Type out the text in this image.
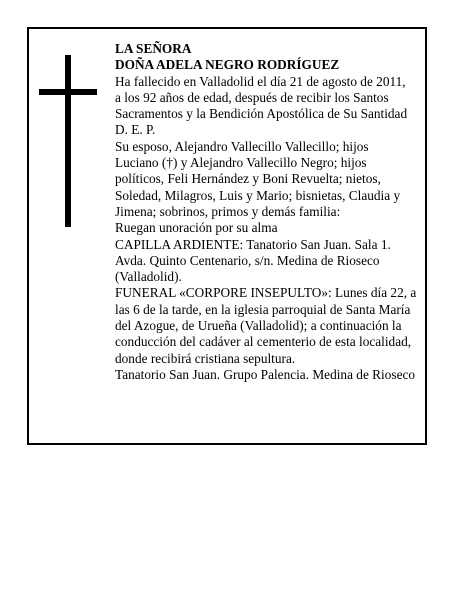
LA SEÑORA
DOÑA ADELA NEGRO RODRÍGUEZ
Ha fallecido en Valladolid el día 21 de agosto de 2011,
a los 92 años de edad, después de recibir los Santos
Sacramentos y la Bendición Apostólica de Su Santidad
D. E. P.
Su esposo, Alejandro Vallecillo Vallecillo; hijos
Luciano (†) y Alejandro Vallecillo Negro; hijos
políticos, Feli Hernández y Boni Revuelta; nietos,
Soledad, Milagros, Luis y Mario; bisnietas, Claudia y
Jimena; sobrinos, primos y demás familia:
Ruegan unoración por su alma
CAPILLA ARDIENTE: Tanatorio San Juan. Sala 1.
Avda. Quinto Centenario, s/n. Medina de Rioseco
(Valladolid).
FUNERAL «CORPORE INSEPULTO»: Lunes día 22, a
las 6 de la tarde, en la iglesia parroquial de Santa María
del Azogue, de Urueña (Valladolid); a continuación la
conducción del cadáver al cementerio de esta localidad,
donde recibirá cristiana sepultura.
Tanatorio San Juan. Grupo Palencia. Medina de Rioseco
